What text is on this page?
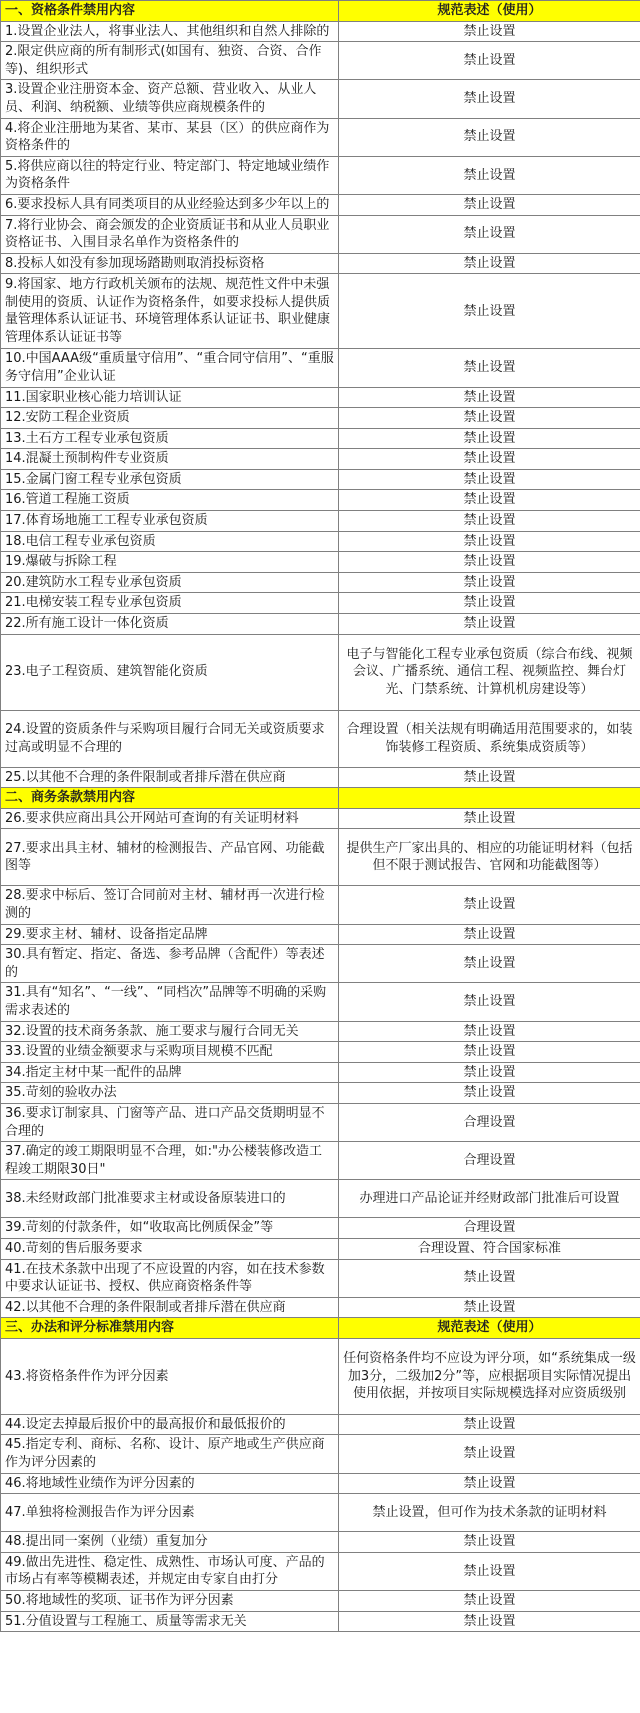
一、资格条件禁用内容	规范表述（使用）
1.设置企业法人，将事业法人、其他组织和自然人排除的	禁止设置
2.限定供应商的所有制形式(如国有、独资、合资、合作等)、组织形式	禁止设置
3.设置企业注册资本金、资产总额、营业收入、从业人员、利润、纳税额、业绩等供应商规模条件的	禁止设置
4.将企业注册地为某省、某市、某县（区）的供应商作为资格条件的	禁止设置
5.将供应商以往的特定行业、特定部门、特定地域业绩作为资格条件	禁止设置
6.要求投标人具有同类项目的从业经验达到多少年以上的	禁止设置
7.将行业协会、商会颁发的企业资质证书和从业人员职业资格证书、入围目录名单作为资格条件的	禁止设置
8.投标人如没有参加现场踏勘则取消投标资格	禁止设置
9.将国家、地方行政机关颁布的法规、规范性文件中未强制使用的资质、认证作为资格条件，如要求投标人提供质量管理体系认证证书、环境管理体系认证证书、职业健康管理体系认证证书等	禁止设置
10.中国AAA级“重质量守信用”、“重合同守信用”、“重服务守信用”企业认证	禁止设置
11.国家职业核心能力培训认证	禁止设置
12.安防工程企业资质	禁止设置
13.土石方工程专业承包资质	禁止设置
14.混凝土预制构件专业资质	禁止设置
15.金属门窗工程专业承包资质	禁止设置
16.管道工程施工资质	禁止设置
17.体育场地施工工程专业承包资质	禁止设置
18.电信工程专业承包资质	禁止设置
19.爆破与拆除工程	禁止设置
20.建筑防水工程专业承包资质	禁止设置
21.电梯安装工程专业承包资质	禁止设置
22.所有施工设计一体化资质	禁止设置
23.电子工程资质、建筑智能化资质	电子与智能化工程专业承包资质（综合布线、视频会议、广播系统、通信工程、视频监控、舞台灯光、门禁系统、计算机机房建设等）
24.设置的资质条件与采购项目履行合同无关或资质要求过高或明显不合理的	合理设置（相关法规有明确适用范围要求的，如装饰装修工程资质、系统集成资质等）
25.以其他不合理的条件限制或者排斥潜在供应商	禁止设置
二、商务条款禁用内容	
26.要求供应商出具公开网站可查询的有关证明材料	禁止设置
27.要求出具主材、辅材的检测报告、产品官网、功能截图等	提供生产厂家出具的、相应的功能证明材料（包括但不限于测试报告、官网和功能截图等）
28.要求中标后、签订合同前对主材、辅材再一次进行检测的	禁止设置
29.要求主材、辅材、设备指定品牌	禁止设置
30.具有暂定、指定、备选、参考品牌（含配件）等表述的	禁止设置
31.具有“知名”、“一线”、“同档次”品牌等不明确的采购需求表述的	禁止设置
32.设置的技术商务条款、施工要求与履行合同无关	禁止设置
33.设置的业绩金额要求与采购项目规模不匹配	禁止设置
34.指定主材中某一配件的品牌	禁止设置
35.苛刻的验收办法	禁止设置
36.要求订制家具、门窗等产品、进口产品交货期明显不合理的	合理设置
37.确定的竣工期限明显不合理，如:"办公楼装修改造工程竣工期限30日"	合理设置
38.未经财政部门批准要求主材或设备原装进口的	办理进口产品论证并经财政部门批准后可设置
39.苛刻的付款条件，如“收取高比例质保金”等	合理设置
40.苛刻的售后服务要求	合理设置、符合国家标准
41.在技术条款中出现了不应设置的内容，如在技术参数中要求认证证书、授权、供应商资格条件等	禁止设置
42.以其他不合理的条件限制或者排斥潜在供应商	禁止设置
三、办法和评分标准禁用内容	规范表述（使用）
43.将资格条件作为评分因素	任何资格条件均不应设为评分项，如“系统集成一级加3分，二级加2分”等，应根据项目实际情况提出使用依据，并按项目实际规模选择对应资质级别
44.设定去掉最后报价中的最高报价和最低报价的	禁止设置
45.指定专利、商标、名称、设计、原产地或生产供应商作为评分因素的	禁止设置
46.将地域性业绩作为评分因素的	禁止设置
47.单独将检测报告作为评分因素	禁止设置，但可作为技术条款的证明材料
48.提出同一案例（业绩）重复加分	禁止设置
49.做出先进性、稳定性、成熟性、市场认可度、产品的市场占有率等模糊表述，并规定由专家自由打分	禁止设置
50.将地域性的奖项、证书作为评分因素	禁止设置
51.分值设置与工程施工、质量等需求无关	禁止设置
